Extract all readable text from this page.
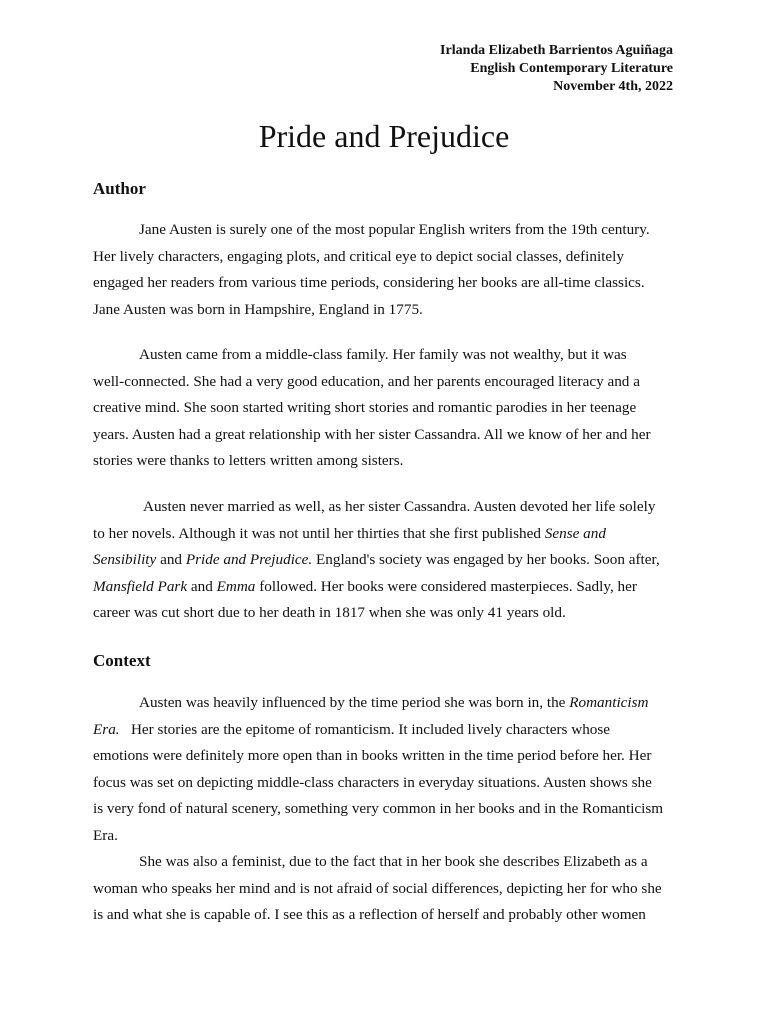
Irlanda Elizabeth Barrientos Aguiñaga
English Contemporary Literature
November 4th, 2022
Pride and Prejudice
Author
Jane Austen is surely one of the most popular English writers from the 19th century.
Her lively characters, engaging plots, and critical eye to depict social classes, definitely
engaged her readers from various time periods, considering her books are all-time classics.
Jane Austen was born in Hampshire, England in 1775.
Austen came from a middle-class family. Her family was not wealthy, but it was
well-connected. She had a very good education, and her parents encouraged literacy and a
creative mind. She soon started writing short stories and romantic parodies in her teenage
years. Austen had a great relationship with her sister Cassandra. All we know of her and her
stories were thanks to letters written among sisters.
Austen never married as well, as her sister Cassandra. Austen devoted her life solely
to her novels. Although it was not until her thirties that she first published Sense and
Sensibility and Pride and Prejudice. England's society was engaged by her books. Soon after,
Mansfield Park and Emma followed. Her books were considered masterpieces. Sadly, her
career was cut short due to her death in 1817 when she was only 41 years old.
Context
Austen was heavily influenced by the time period she was born in, the Romanticism
Era.   Her stories are the epitome of romanticism. It included lively characters whose
emotions were definitely more open than in books written in the time period before her. Her
focus was set on depicting middle-class characters in everyday situations. Austen shows she
is very fond of natural scenery, something very common in her books and in the Romanticism
Era.
She was also a feminist, due to the fact that in her book she describes Elizabeth as a
woman who speaks her mind and is not afraid of social differences, depicting her for who she
is and what she is capable of. I see this as a reflection of herself and probably other women
